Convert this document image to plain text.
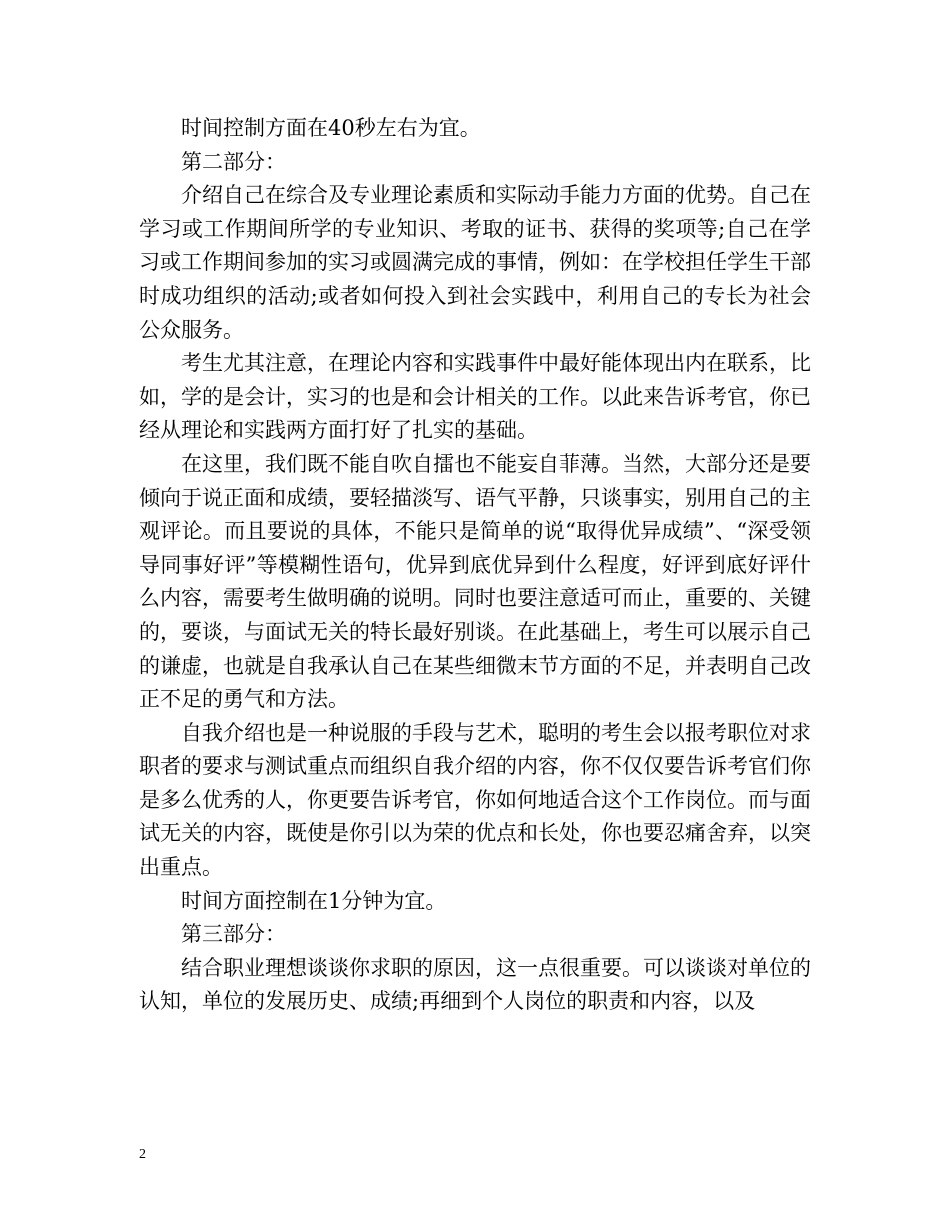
时间控制方面在40秒左右为宜。

第二部分：

介绍自己在综合及专业理论素质和实际动手能力方面的优势。自己在学习或工作期间所学的专业知识、考取的证书、获得的奖项等;自己在学习或工作期间参加的实习或圆满完成的事情，例如：在学校担任学生干部时成功组织的活动;或者如何投入到社会实践中，利用自己的专长为社会公众服务。

考生尤其注意，在理论内容和实践事件中最好能体现出内在联系，比如，学的是会计，实习的也是和会计相关的工作。以此来告诉考官，你已经从理论和实践两方面打好了扎实的基础。

在这里，我们既不能自吹自擂也不能妄自菲薄。当然，大部分还是要倾向于说正面和成绩，要轻描淡写、语气平静，只谈事实，别用自己的主观评论。而且要说的具体，不能只是简单的说“取得优异成绩”、“深受领导同事好评”等模糊性语句，优异到底优异到什么程度，好评到底好评什么内容，需要考生做明确的说明。同时也要注意适可而止，重要的、关键的，要谈，与面试无关的特长最好别谈。在此基础上，考生可以展示自己的谦虚，也就是自我承认自己在某些细微末节方面的不足，并表明自己改正不足的勇气和方法。

自我介绍也是一种说服的手段与艺术，聪明的考生会以报考职位对求职者的要求与测试重点而组织自我介绍的内容，你不仅仅要告诉考官们你是多么优秀的人，你更要告诉考官，你如何地适合这个工作岗位。而与面试无关的内容，既使是你引以为荣的优点和长处，你也要忍痛舍弃，以突出重点。

时间方面控制在1分钟为宜。

第三部分：

结合职业理想谈谈你求职的原因，这一点很重要。可以谈谈对单位的认知，单位的发展历史、成绩;再细到个人岗位的职责和内容，以及

2
